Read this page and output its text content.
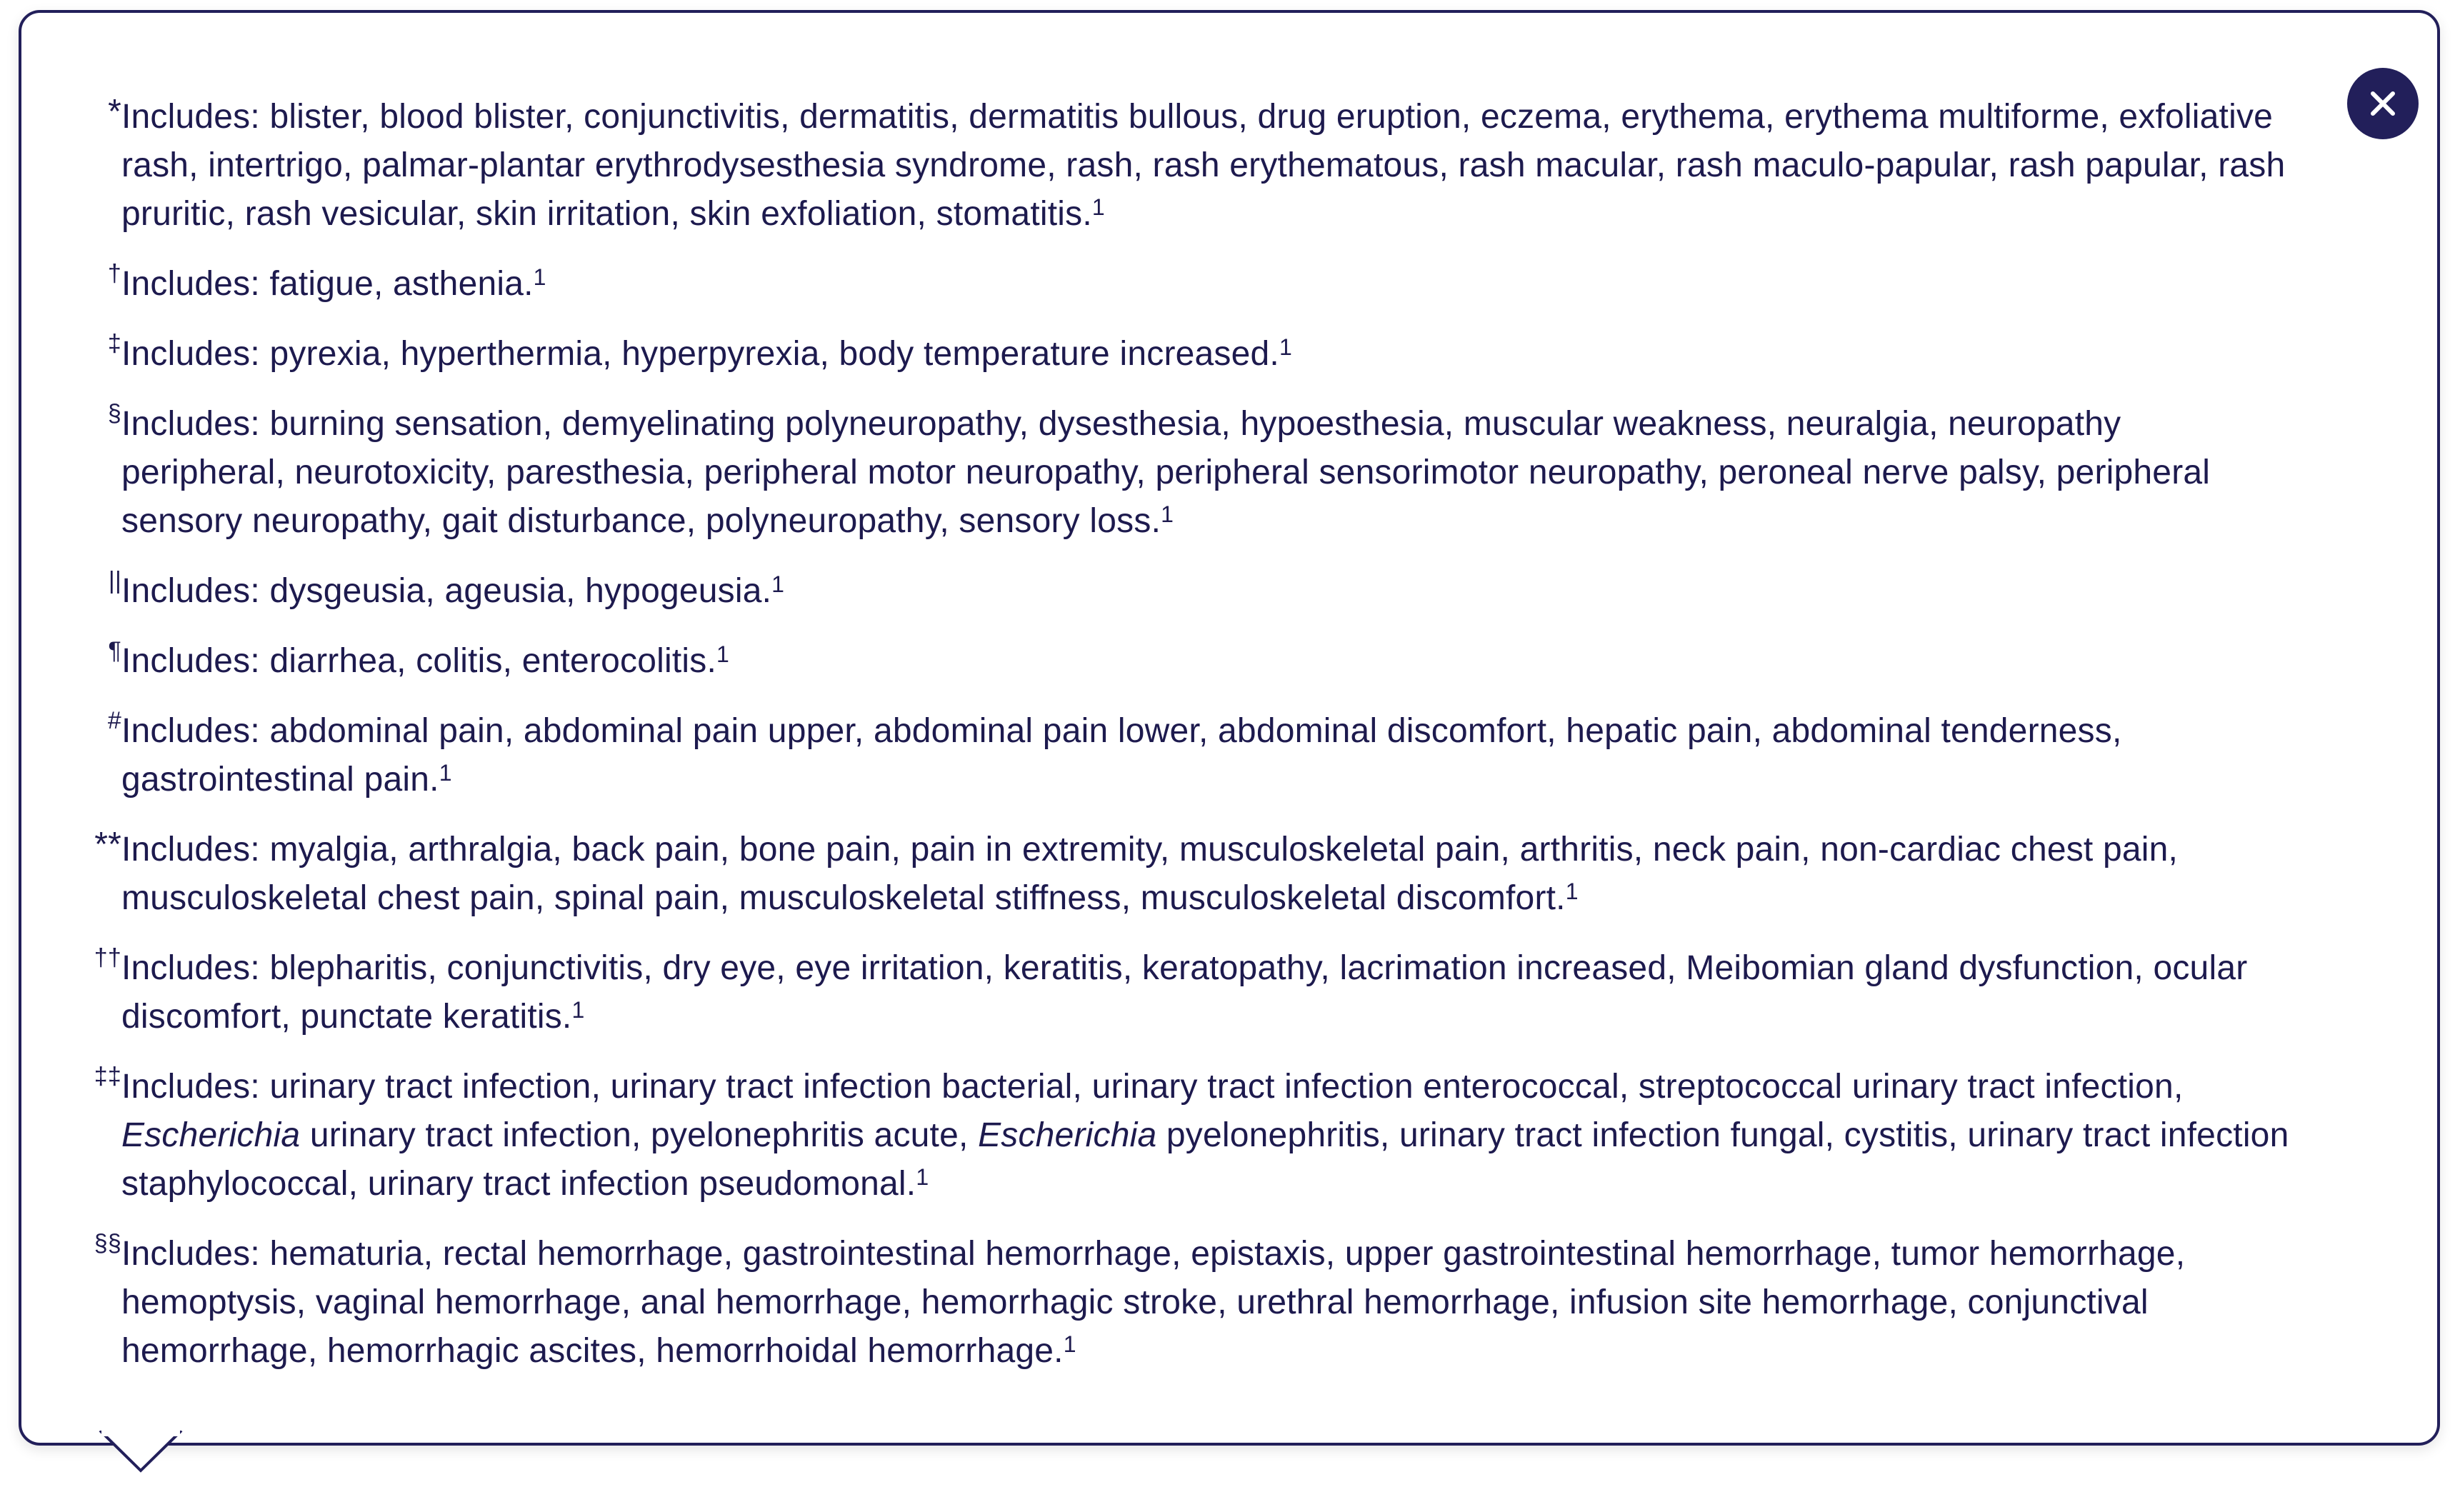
* Includes: blister, blood blister, conjunctivitis, dermatitis, dermatitis bullous, drug eruption, eczema, erythema, erythema multiforme, exfoliative rash, intertrigo, palmar-plantar erythrodysesthesia syndrome, rash, rash erythematous, rash macular, rash maculo-papular, rash papular, rash pruritic, rash vesicular, skin irritation, skin exfoliation, stomatitis.$^1$
† Includes: fatigue, asthenia.$^1$
‡ Includes: pyrexia, hyperthermia, hyperpyrexia, body temperature increased.$^1$
§ Includes: burning sensation, demyelinating polyneuropathy, dysesthesia, hypoesthesia, muscular weakness, neuralgia, neuropathy peripheral, neurotoxicity, paresthesia, peripheral motor neuropathy, peripheral sensorimotor neuropathy, peroneal nerve palsy, peripheral sensory neuropathy, gait disturbance, polyneuropathy, sensory loss.$^1$
|| Includes: dysgeusia, ageusia, hypogeusia.$^1$
¶ Includes: diarrhea, colitis, enterocolitis.$^1$
# Includes: abdominal pain, abdominal pain upper, abdominal pain lower, abdominal discomfort, hepatic pain, abdominal tenderness, gastrointestinal pain.$^1$
** Includes: myalgia, arthralgia, back pain, bone pain, pain in extremity, musculoskeletal pain, arthritis, neck pain, non-cardiac chest pain, musculoskeletal chest pain, spinal pain, musculoskeletal stiffness, musculoskeletal discomfort.$^1$
†† Includes: blepharitis, conjunctivitis, dry eye, eye irritation, keratitis, keratopathy, lacrimation increased, Meibomian gland dysfunction, ocular discomfort, punctate keratitis.$^1$
‡‡ Includes: urinary tract infection, urinary tract infection bacterial, urinary tract infection enterococcal, streptococcal urinary tract infection, Escherichia urinary tract infection, pyelonephritis acute, Escherichia pyelonephritis, urinary tract infection fungal, cystitis, urinary tract infection staphylococcal, urinary tract infection pseudomonal.$^1$
§§ Includes: hematuria, rectal hemorrhage, gastrointestinal hemorrhage, epistaxis, upper gastrointestinal hemorrhage, tumor hemorrhage, hemoptysis, vaginal hemorrhage, anal hemorrhage, hemorrhagic stroke, urethral hemorrhage, infusion site hemorrhage, conjunctival hemorrhage, hemorrhagic ascites, hemorrhoidal hemorrhage.$^1$
